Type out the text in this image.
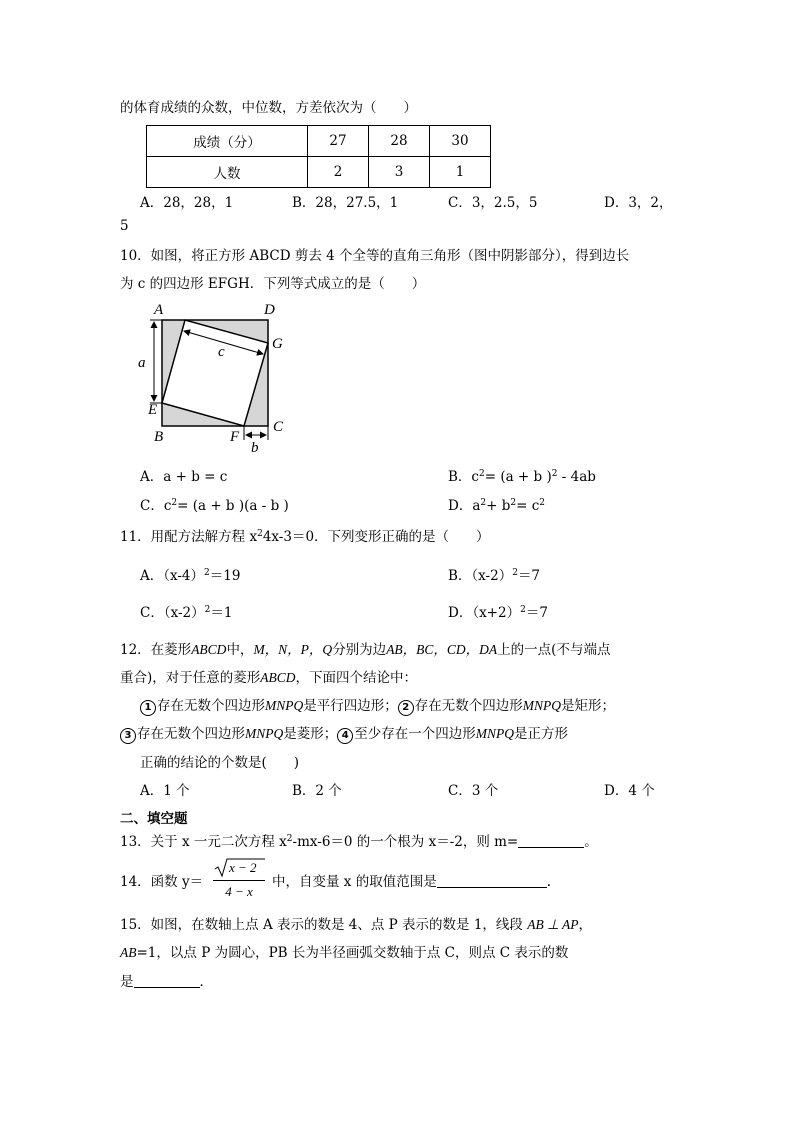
的体育成绩的众数，中位数，方差依次为（　　）
成绩（分）	27	28	30
人数	2	3	1
A．28，28，1	B．28，27.5，1	C．3，2.5，5	D．3，2，
5
10．如图，将正方形 ABCD 剪去 4 个全等的直角三角形（图中阴影部分），得到边长
为 c 的四边形 EFGH．下列等式成立的是（　　）
A	D
G
E
B	F
C
a
c
b
A．a + b = c	B．$c^2= (a + b$ )$^2$ - 4ab
C．$c^2= (a + b$ )(a - b )	D．$a^2+ b^2= c^2$
11．用配方法解方程 $x^24x-3=0$．下列变形正确的是（　　）
A．$(x-4)^2=19$	B．$(x-2)^2=7$
C．$(x-2)^2=1$	D．$(x+2)^2=7$
12．在菱形ABCD中，M，N，P，Q分别为边AB，BC，CD，DA上的一点(不与端点
重合)，对于任意的菱形ABCD，下面四个结论中：
1 存在无数个四边形MNPQ是平行四边形； 2 存在无数个四边形MNPQ是矩形；
3 存在无数个四边形MNPQ是菱形； 4 至少存在一个四边形MNPQ是正方形
正确的结论的个数是(　　)
A．1 个	B．2 个	C．3 个	D．4 个
二、填空题
13．关于 x 一元二次方程 $x^2-mx-6=0$ 的一个根为 x＝-2，则 m=	。
14．函数 y＝
x − 2
4 − x
中，自变量 x 的取值范围是	.
15．如图，在数轴上点 A 表示的数是 4、点 P 表示的数是 1，线段 AB ⊥ AP，
AB=1，以点 P 为圆心，PB 长为半径画弧交数轴于点 C，则点 C 表示的数
是	．
